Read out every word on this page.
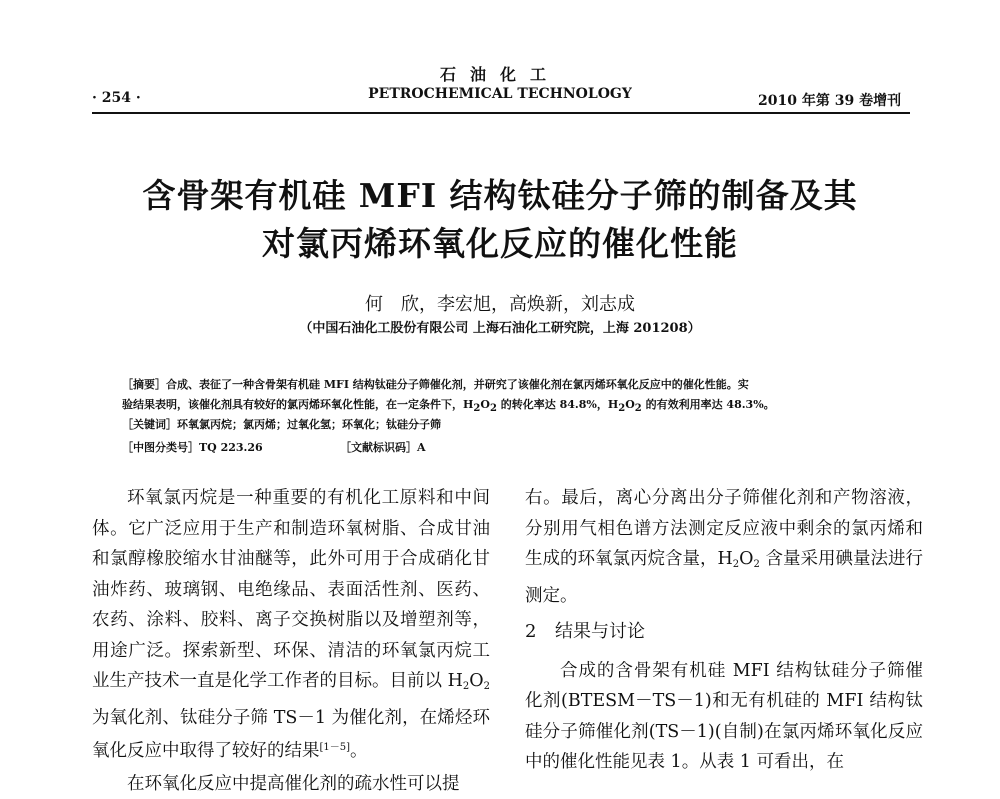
石油化工
PETROCHEMICAL TECHNOLOGY
· 254 ·	2010 年第 39 卷增刊
含骨架有机硅 MFI 结构钛硅分子筛的制备及其
对氯丙烯环氧化反应的催化性能
何　欣，李宏旭，高焕新，刘志成
（中国石油化工股份有限公司 上海石油化工研究院，上海 201208）
［摘要］合成、表征了一种含骨架有机硅 MFI 结构钛硅分子筛催化剂，并研究了该催化剂在氯丙烯环氧化反应中的催化性能。实
验结果表明，该催化剂具有较好的氯丙烯环氧化性能，在一定条件下，$H_2O_2$ 的转化率达 84.8%，$H_2O_2$ 的有效利用率达 48.3%。
［关键词］环氧氯丙烷；氯丙烯；过氧化氢；环氧化；钛硅分子筛
［中图分类号］TQ 223.26	［文献标识码］A

环氧氯丙烷是一种重要的有机化工原料和中间体。它广泛应用于生产和制造环氧树脂、合成甘油和氯醇橡胶缩水甘油醚等，此外可用于合成硝化甘油炸药、玻璃钢、电绝缘品、表面活性剂、医药、农药、涂料、胶料、离子交换树脂以及增塑剂等，用途广泛。探索新型、环保、清洁的环氧氯丙烷工业生产技术一直是化学工作者的目标。目前以 $H_2O_2$ 为氧化剂、钛硅分子筛 TS－1 为催化剂，在烯烃环氧化反应中取得了较好的结果[1－5]。

在环氧化反应中提高催化剂的疏水性可以提

右。最后，离心分离出分子筛催化剂和产物溶液，分别用气相色谱方法测定反应液中剩余的氯丙烯和生成的环氧氯丙烷含量，$H_2O_2$ 含量采用碘量法进行测定。

2 结果与讨论

合成的含骨架有机硅 MFI 结构钛硅分子筛催化剂(BTESM－TS－1)和无有机硅的 MFI 结构钛硅分子筛催化剂(TS－1)(自制)在氯丙烯环氧化反应中的催化性能见表 1。从表 1 可看出，在
